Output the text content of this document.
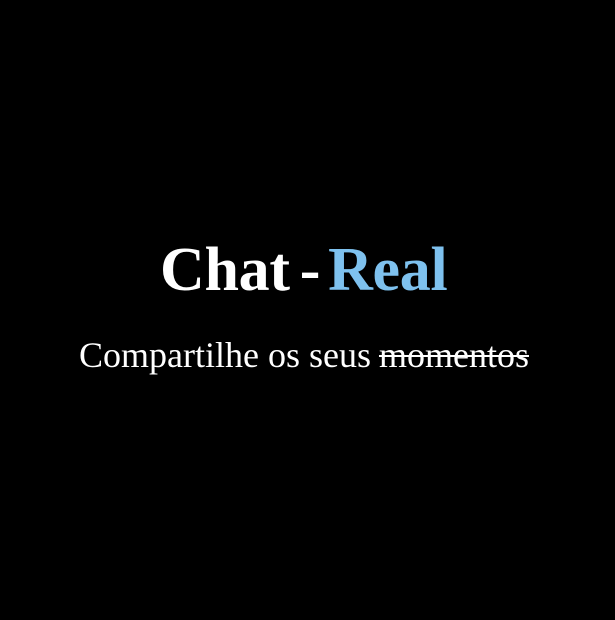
Chat - Real

Compartilhe os seus momentos
